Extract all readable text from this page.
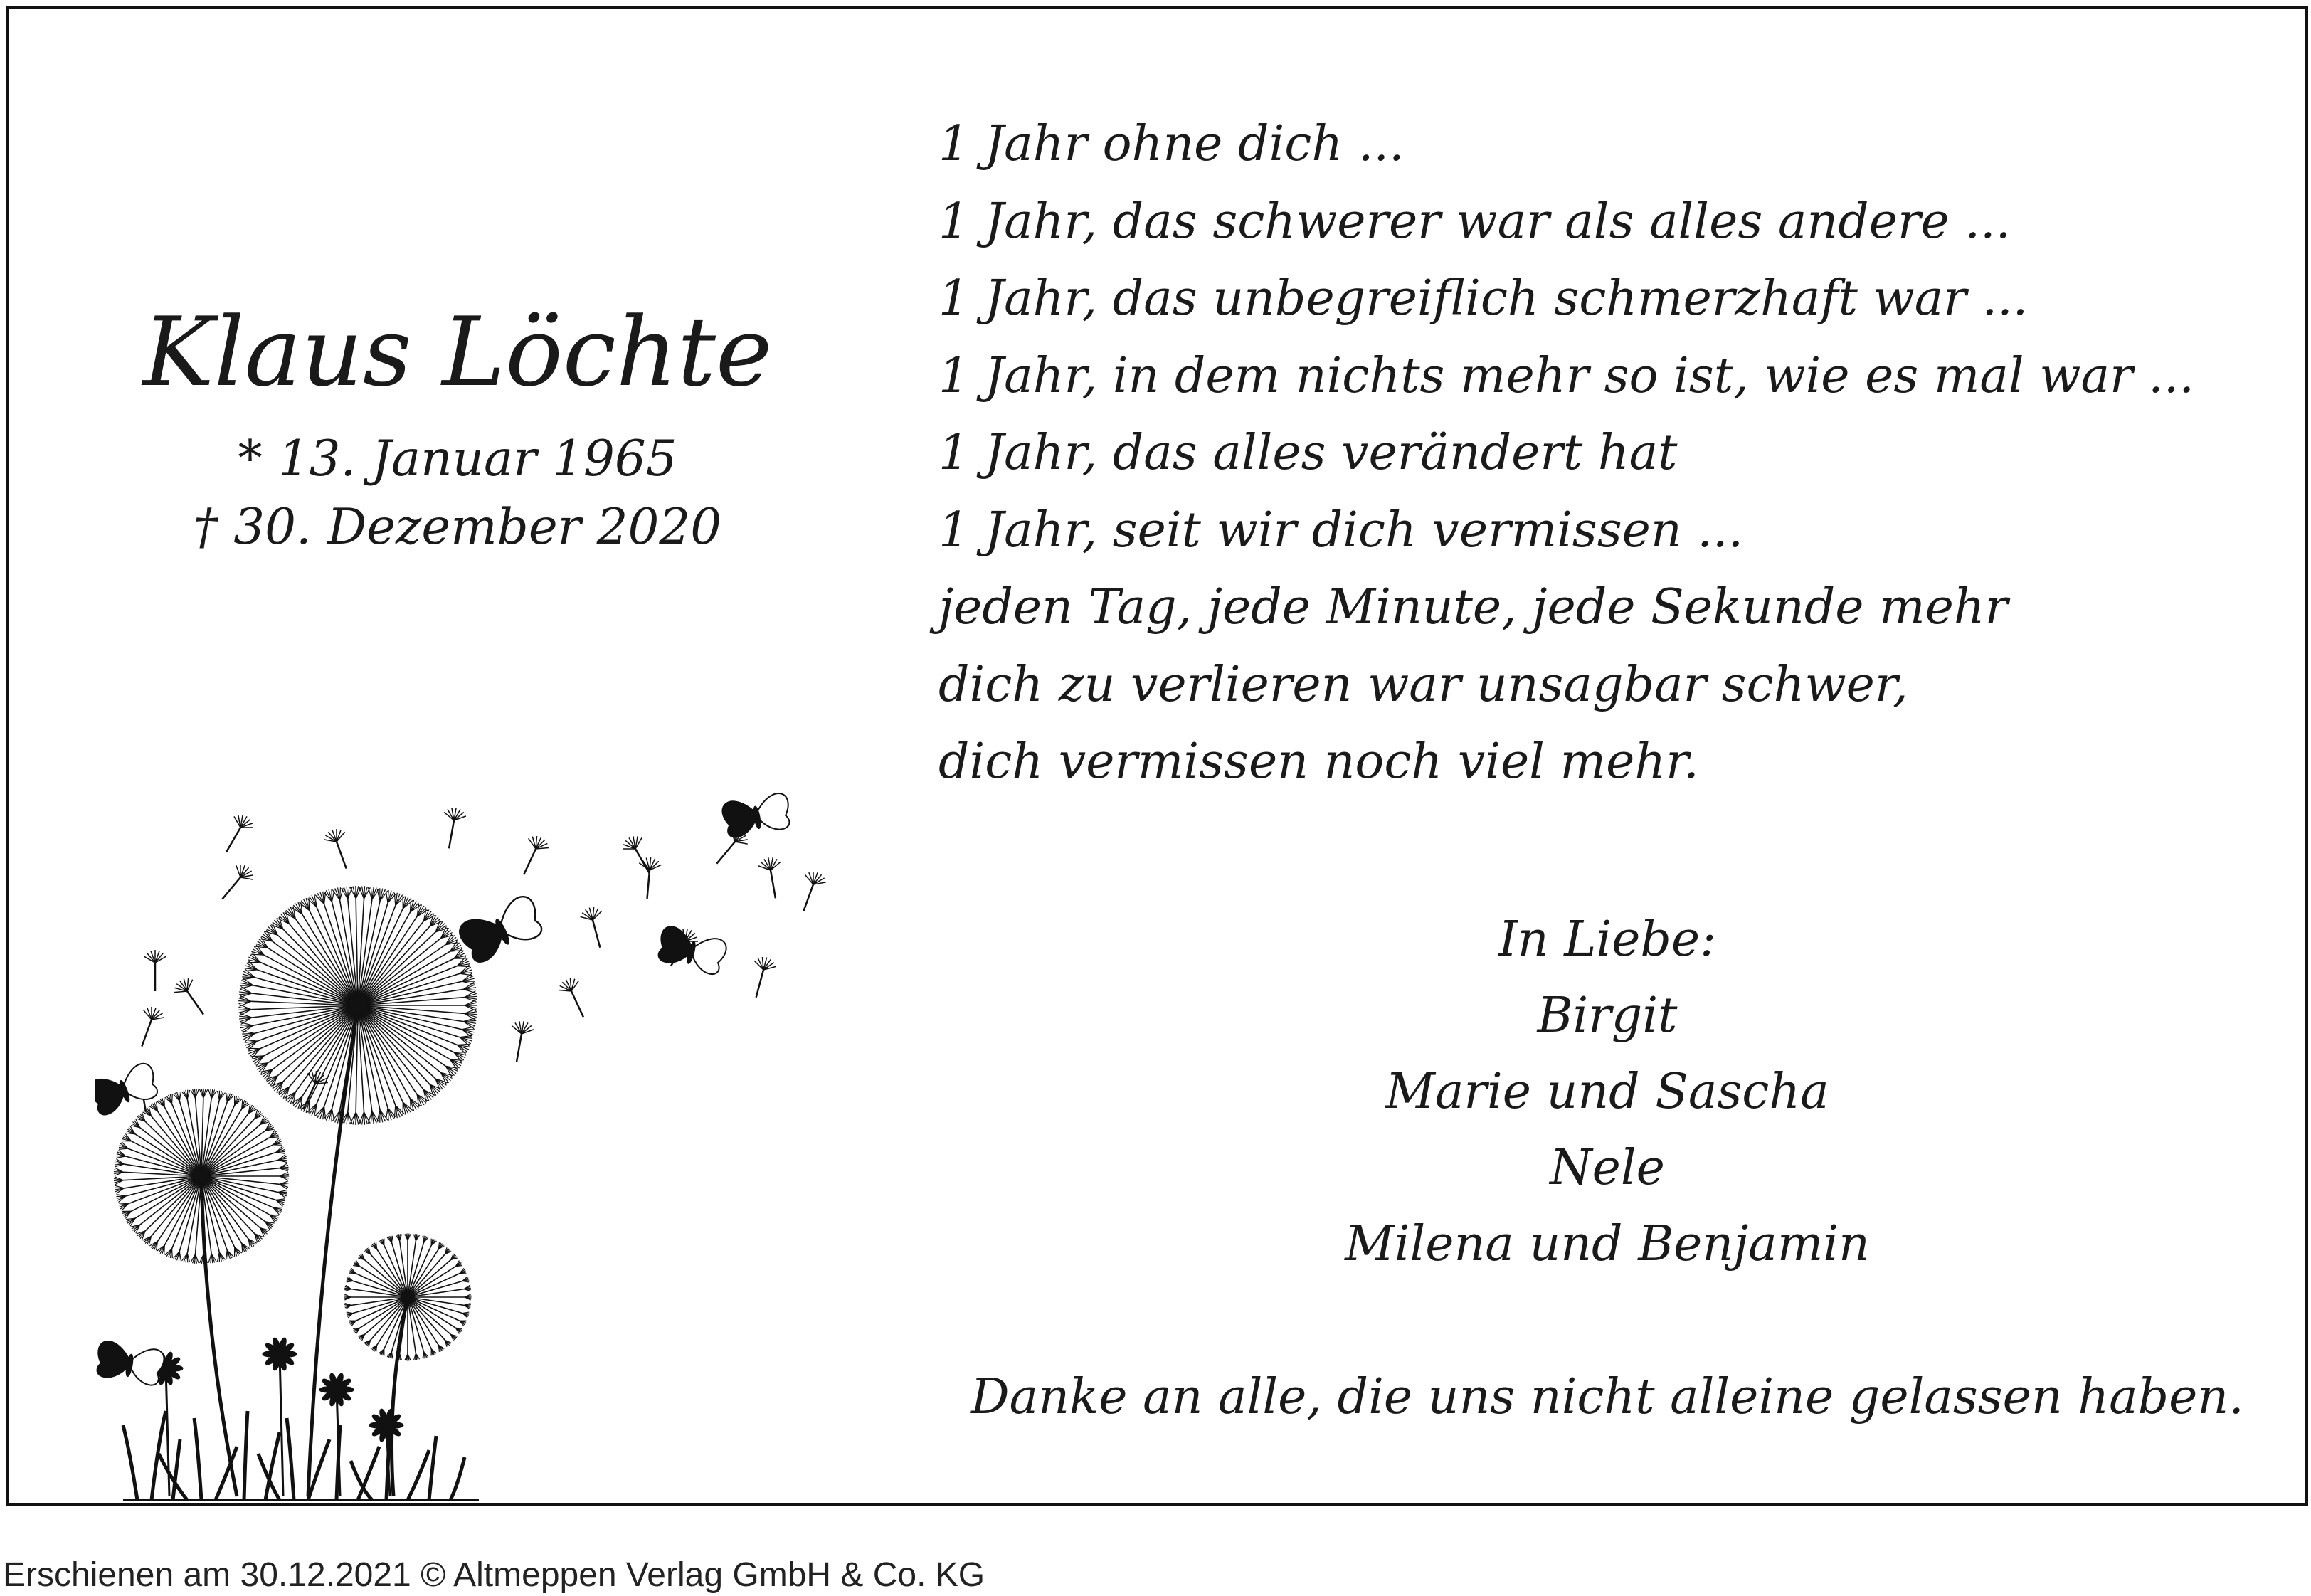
Klaus Löchte
* 13. Januar 1965
† 30. Dezember 2020
1 Jahr ohne dich ...
1 Jahr, das schwerer war als alles andere ...
1 Jahr, das unbegreiflich schmerzhaft war ...
1 Jahr, in dem nichts mehr so ist, wie es mal war ...
1 Jahr, das alles verändert hat
1 Jahr, seit wir dich vermissen ...
jeden Tag, jede Minute, jede Sekunde mehr
dich zu verlieren war unsagbar schwer,
dich vermissen noch viel mehr.
In Liebe:
Birgit
Marie und Sascha
Nele
Milena und Benjamin
Danke an alle, die uns nicht alleine gelassen haben.
Erschienen am 30.12.2021 © Altmeppen Verlag GmbH & Co. KG
